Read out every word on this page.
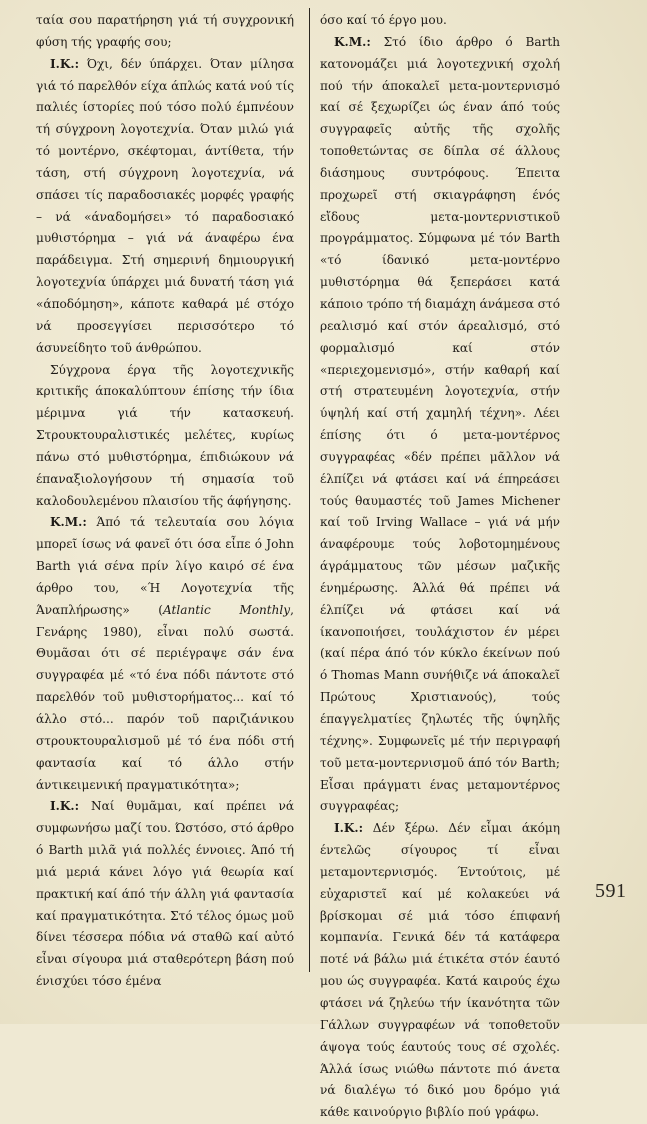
ταία σου παρατήρηση γιά τή συγχρονική φύση τής γραφής σου;

Ι.Κ.: Όχι, δέν ύπάρχει. Όταν μίλησα γιά τό παρελθόν είχα άπλώς κατά νού τίς παλιές ίστορίες πού τόσο πολύ έμπνέουν τή σύγχρονη λογοτεχνία. Όταν μιλώ γιά τό μοντέρνο, σκέφτομαι, άντίθετα, τήν τάση, στή σύγχρονη λογοτεχνία, νά σπάσει τίς παραδοσιακές μορφές γραφής – νά «άναδομήσει» τό παραδοσιακό μυθιστόρημα – γιά νά άναφέρω ένα παράδειγμα. Στή σημερινή δημιουργική λογοτεχνία ύπάρχει μιά δυνατή τάση γιά «άποδόμηση», κάποτε καθαρά μέ στόχο νά προσεγγίσει περισσότερο τό άσυνείδητο τοῦ άνθρώπου.

Σύγχρονα έργα τῆς λογοτεχνικῆς κριτικῆς άποκαλύπτουν έπίσης τήν ίδια μέριμνα γιά τήν κατασκευή. Στρουκτουραλιστικές μελέτες, κυρίως πάνω στό μυθιστόρημα, έπιδιώκουν νά έπαναξιολογήσουν τή σημασία τοῦ καλοδουλεμένου πλαισίου τῆς άφήγησης.

Κ.Μ.: Άπό τά τελευταία σου λόγια μπορεῖ ίσως νά φανεῖ ότι όσα εἶπε ό John Barth γιά σένα πρίν λίγο καιρό σέ ένα άρθρο του, «Ή Λογοτεχνία τῆς Άναπλήρωσης» (Atlantic Monthly, Γενάρης 1980), εἶναι πολύ σωστά. Θυμᾶσαι ότι σέ περιέγραψε σάν ένα συγγραφέα μέ «τό ένα πόδι πάντοτε στό παρελθόν τοῦ μυθιστορήματος... καί τό άλλο στό... παρόν τοῦ παριζιάνικου στρουκτουραλισμοῦ μέ τό ένα πόδι στή φαντασία καί τό άλλο στήν άντικειμενική πραγματικότητα»;

Ι.Κ.: Ναί θυμᾶμαι, καί πρέπει νά συμφωνήσω μαζί του. Ώστόσο, στό άρθρο ό Barth μιλᾶ γιά πολλές έννοιες. Άπό τή μιά μεριά κάνει λόγο γιά θεωρία καί πρακτική καί άπό τήν άλλη γιά φαντασία καί πραγματικότητα. Στό τέλος όμως μοῦ δίνει τέσσερα πόδια νά σταθῶ καί αὐτό εἶναι σίγουρα μιά σταθερότερη βάση πού ένισχύει τόσο έμένα

όσο καί τό έργο μου.

Κ.Μ.: Στό ίδιο άρθρο ό Barth κατονομάζει μιά λογοτεχνική σχολή πού τήν άποκαλεῖ μετα-μοντερνισμό καί σέ ξεχωρίζει ώς έναν άπό τούς συγγραφεῖς αὐτῆς τῆς σχολῆς τοποθετώντας σε δίπλα σέ άλλους διάσημους συντρόφους. Έπειτα προχωρεῖ στή σκιαγράφηση ένός εἴδους μετα-μοντερνιστικοῦ προγράμματος. Σύμφωνα μέ τόν Barth «τό ίδανικό μετα-μοντέρνο μυθιστόρημα θά ξεπεράσει κατά κάποιο τρόπο τή διαμάχη άνάμεσα στό ρεαλισμό καί στόν άρεαλισμό, στό φορμαλισμό καί στόν «περιεχομενισμό», στήν καθαρή καί στή στρατευμένη λογοτεχνία, στήν ύψηλή καί στή χαμηλή τέχνη». Λέει έπίσης ότι ό μετα-μοντέρνος συγγραφέας «δέν πρέπει μᾶλλον νά έλπίζει νά φτάσει καί νά έπηρεάσει τούς θαυμαστές τοῦ James Michener καί τοῦ Irving Wallace – γιά νά μήν άναφέρουμε τούς λοβοτομημένους άγράμματους τῶν μέσων μαζικῆς ένημέρωσης. Άλλά θά πρέπει νά έλπίζει νά φτάσει καί νά ίκανοποιήσει, τουλάχιστον έν μέρει (καί πέρα άπό τόν κύκλο έκείνων πού ό Thomas Mann συνήθιζε νά άποκαλεῖ Πρώτους Χριστιανούς), τούς έπαγγελματίες ζηλωτές τῆς ύψηλῆς τέχνης». Συμφωνεῖς μέ τήν περιγραφή τοῦ μετα-μοντερνισμοῦ άπό τόν Barth; Εἶσαι πράγματι ένας μεταμοντέρνος συγγραφέας;

Ι.Κ.: Δέν ξέρω. Δέν εἶμαι άκόμη έντελῶς σίγουρος τί εἶναι μεταμοντερνισμός. Έντούτοις, μέ εὐχαριστεῖ καί μέ κολακεύει νά βρίσκομαι σέ μιά τόσο έπιφανή κομπανία. Γενικά δέν τά κατάφερα ποτέ νά βάλω μιά έτικέτα στόν έαυτό μου ώς συγγραφέα. Κατά καιρούς έχω φτάσει νά ζηλεύω τήν ίκανότητα τῶν Γάλλων συγγραφέων νά τοποθετοῦν άψογα τούς έαυτούς τους σέ σχολές. Άλλά ίσως νιώθω πάντοτε πιό άνετα νά διαλέγω τό δικό μου δρόμο γιά κάθε καινούργιο βιβλίο πού γράφω.

591
